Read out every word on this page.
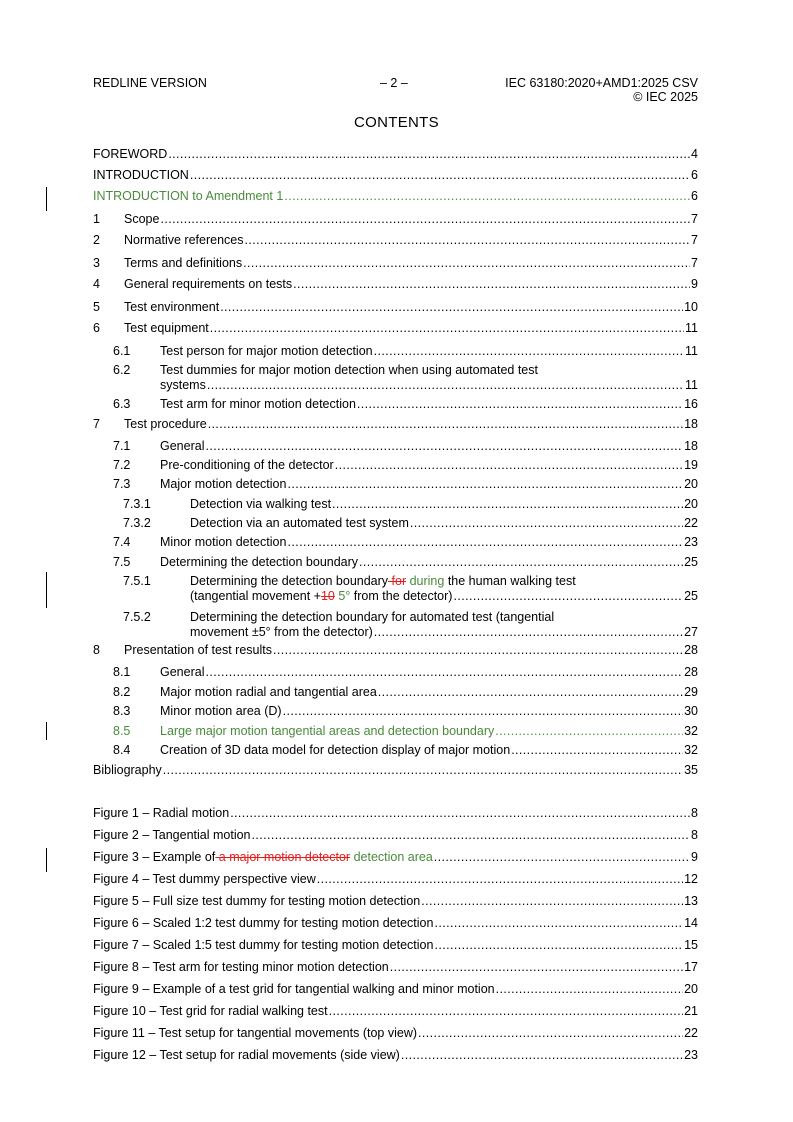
REDLINE VERSION	– 2 –	IEC 63180:2020+AMD1:2025 CSV
© IEC 2025
CONTENTS
FOREWORD .....	4
INTRODUCTION .....	6
INTRODUCTION to Amendment 1 .....	6
1	Scope .....	7
2	Normative references .....	7
3	Terms and definitions .....	7
4	General requirements on tests .....	9
5	Test environment .....	10
6	Test equipment .....	11
6.1	Test person for major motion detection .....	11
6.2 Test dummies for major motion detection when using automated test
systems .....	11
6.3	Test arm for minor motion detection .....	16
7	Test procedure .....	18
7.1	General .....	18
7.2	Pre-conditioning of the detector .....	19
7.3	Major motion detection .....	20
7.3.1	Detection via walking test .....	20
7.3.2	Detection via an automated test system .....	22
7.4	Minor motion detection .....	23
7.5	Determining the detection boundary .....	25
7.5.1	Determining the detection boundary for during the human walking test
(tangential movement +10 5° from the detector) .....	25
7.5.2	Determining the detection boundary for automated test (tangential
movement ±5° from the detector) .....	27
8	Presentation of test results .....	28
8.1	General .....	28
8.2	Major motion radial and tangential area .....	29
8.3	Minor motion area (D) .....	30
8.5	Large major motion tangential areas and detection boundary .....	32
8.4	Creation of 3D data model for detection display of major motion .....	32
Bibliography .....	35
Figure 1 – Radial motion .....	8
Figure 2 – Tangential motion .....	8
Figure 3 – Example of a major motion detector detection area .....	9
Figure 4 – Test dummy perspective view .....	12
Figure 5 – Full size test dummy for testing motion detection .....	13
Figure 6 – Scaled 1:2 test dummy for testing motion detection .....	14
Figure 7 – Scaled 1:5 test dummy for testing motion detection .....	15
Figure 8 – Test arm for testing minor motion detection .....	17
Figure 9 – Example of a test grid for tangential walking and minor motion .....	20
Figure 10 – Test grid for radial walking test .....	21
Figure 11 – Test setup for tangential movements (top view) .....	22
Figure 12 – Test setup for radial movements (side view) .....	23
